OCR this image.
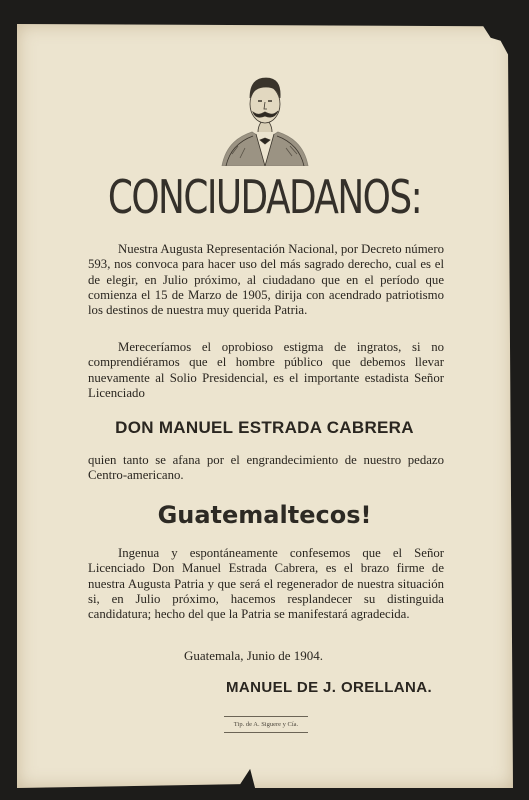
CONCIUDADANOS:
Nuestra Augusta Representación Nacional, por Decreto número 593, nos convoca para hacer uso del más sagrado derecho, cual es el de elegir, en Julio próximo, al ciudadano que en el período que comienza el 15 de Marzo de 1905, dirija con acendrado patriotismo los destinos de nuestra muy querida Patria.
Mereceríamos el oprobioso estigma de ingratos, si no comprendiéramos que el hombre público que debemos llevar nuevamente al Solio Presidencial, es el importante estadista Señor Licenciado
DON MANUEL ESTRADA CABRERA
quien tanto se afana por el engrandecimiento de nuestro pedazo Centro-americano.
Guatemaltecos!
Ingenua y espontáneamente confesemos que el Señor Licenciado Don Manuel Estrada Cabrera, es el brazo firme de nuestra Augusta Patria y que será el regenerador de nuestra situación si, en Julio próximo, hacemos resplandecer su distinguida candidatura; hecho del que la Patria se manifestará agradecida.
Guatemala, Junio de 1904.
MANUEL DE J. ORELLANA.
Tip. de A. Siguere y Cía.
